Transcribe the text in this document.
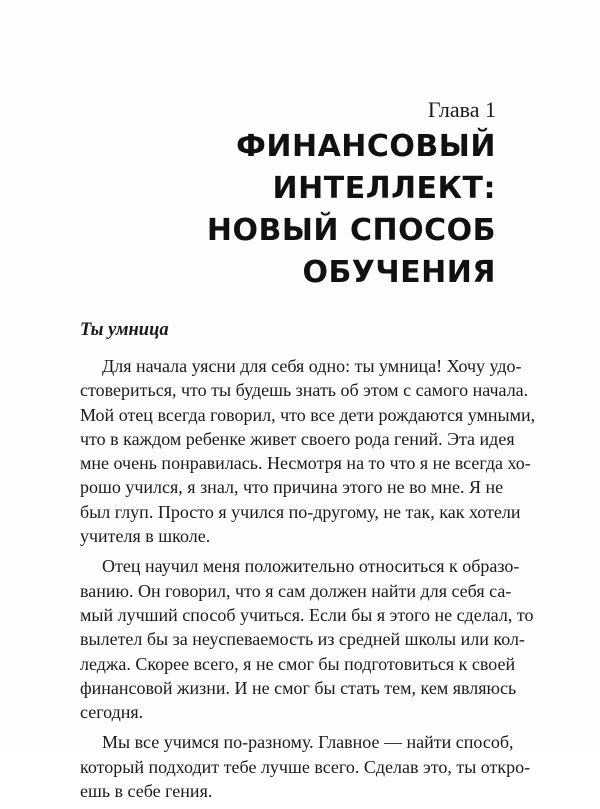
Глава 1
ФИНАНСОВЫЙ
ИНТЕЛЛЕКТ:
НОВЫЙ СПОСОБ
ОБУЧЕНИЯ
Ты умница
Для начала уясни для себя одно: ты умница! Хочу удо-
стовериться, что ты будешь знать об этом с самого начала.
Мой отец всегда говорил, что все дети рождаются умными,
что в каждом ребенке живет своего рода гений. Эта идея
мне очень понравилась. Несмотря на то что я не всегда хо-
рошо учился, я знал, что причина этого не во мне. Я не
был глуп. Просто я учился по-другому, не так, как хотели
учителя в школе.
Отец научил меня положительно относиться к образо-
ванию. Он говорил, что я сам должен найти для себя са-
мый лучший способ учиться. Если бы я этого не сделал, то
вылетел бы за неуспеваемость из средней школы или кол-
леджа. Скорее всего, я не смог бы подготовиться к своей
финансовой жизни. И не смог бы стать тем, кем являюсь
сегодня.
Мы все учимся по-разному. Главное — найти способ,
который подходит тебе лучше всего. Сделав это, ты откро-
ешь в себе гения.
